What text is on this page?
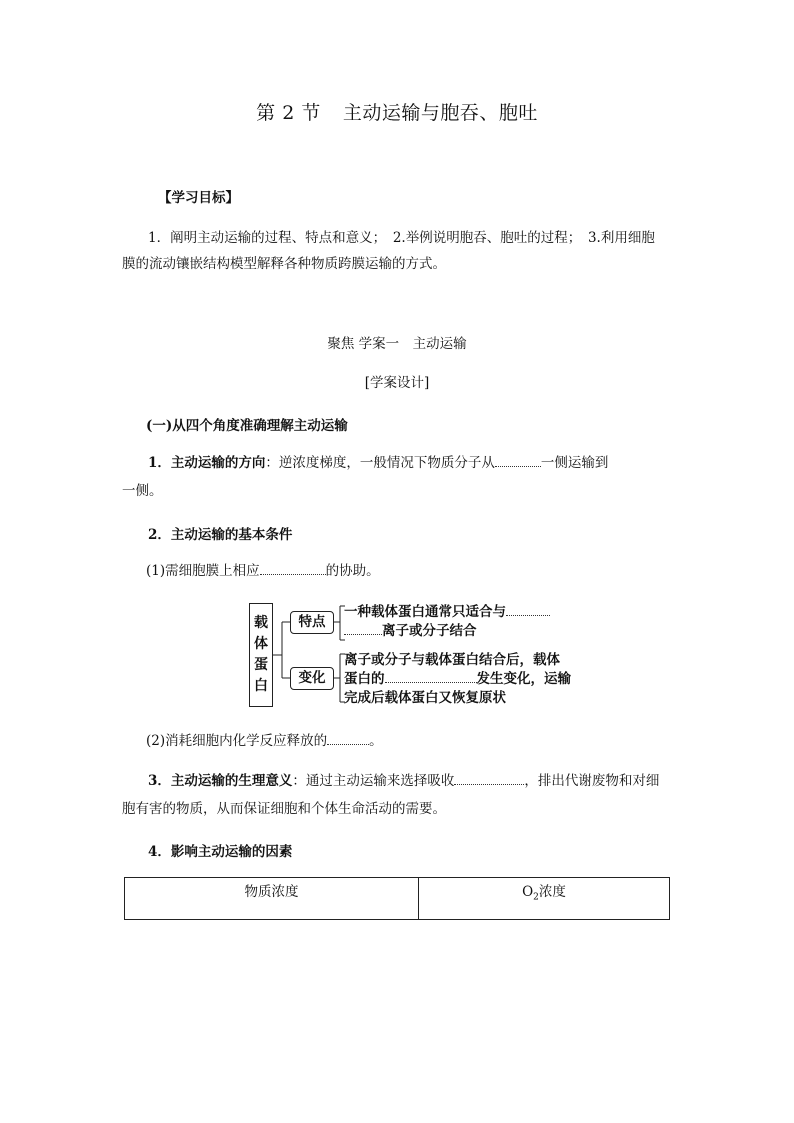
第 2 节 主动运输与胞吞、胞吐
【学习目标】
1．阐明主动运输的过程、特点和意义；　2.举例说明胞吞、胞吐的过程；　3.利用细胞
膜的流动镶嵌结构模型解释各种物质跨膜运输的方式。
聚焦 学案一　主动运输
[学案设计]
(一)从四个角度准确理解主动运输
1．主动运输的方向：逆浓度梯度，一般情况下物质分子从	一侧运输到
一侧。
2．主动运输的基本条件
(1)需细胞膜上相应	的协助。
载
体
蛋
白
特点
变化
一种载体蛋白通常只适合与
离子或分子结合
离子或分子与载体蛋白结合后，载体
蛋白的	发生变化，运输
完成后载体蛋白又恢复原状
(2)消耗细胞内化学反应释放的	。
3．主动运输的生理意义：通过主动运输来选择吸收	，排出代谢废物和对细
胞有害的物质，从而保证细胞和个体生命活动的需要。
4．影响主动运输的因素
物质浓度	$O_2$浓度
